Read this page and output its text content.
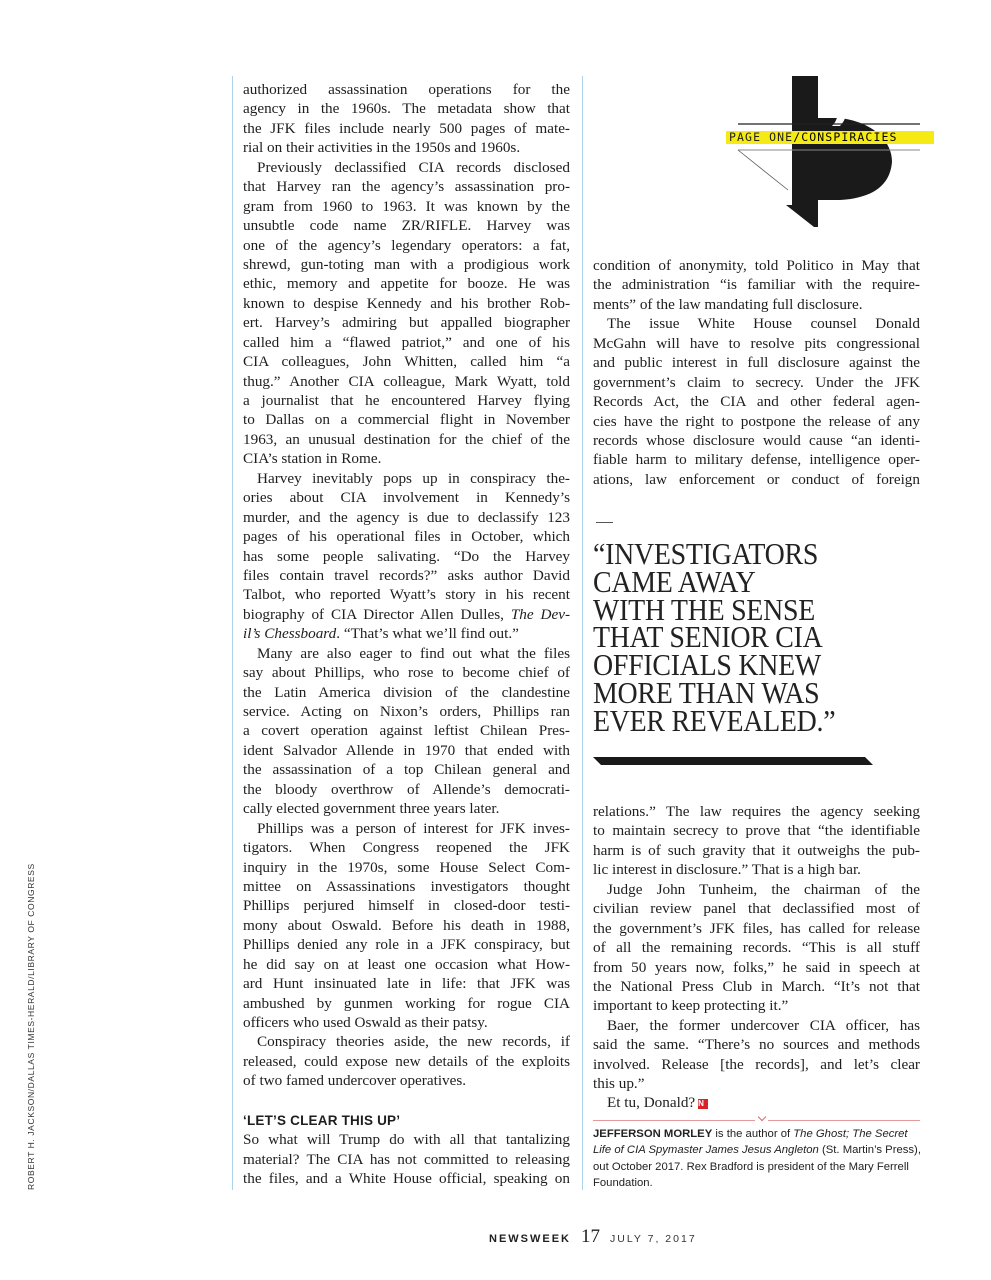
ROBERT H. JACKSON/DALLAS TIMES-HERALD/LIBRARY OF CONGRESS
PAGE ONE/CONSPIRACIES
authorized assassination operations for the
agency in the 1960s. The metadata show that
the JFK files include nearly 500 pages of mate-
rial on their activities in the 1950s and 1960s.
Previously declassified CIA records disclosed
that Harvey ran the agency’s assassination pro-
gram from 1960 to 1963. It was known by the
unsubtle code name ZR/RIFLE. Harvey was
one of the agency’s legendary operators: a fat,
shrewd, gun-toting man with a prodigious work
ethic, memory and appetite for booze. He was
known to despise Kennedy and his brother Rob-
ert. Harvey’s admiring but appalled biographer
called him a “flawed patriot,” and one of his
CIA colleagues, John Whitten, called him “a
thug.” Another CIA colleague, Mark Wyatt, told
a journalist that he encountered Harvey flying
to Dallas on a commercial flight in November
1963, an unusual destination for the chief of the
CIA’s station in Rome.
Harvey inevitably pops up in conspiracy the-
ories about CIA involvement in Kennedy’s
murder, and the agency is due to declassify 123
pages of his operational files in October, which
has some people salivating. “Do the Harvey
files contain travel records?” asks author David
Talbot, who reported Wyatt’s story in his recent
biography of CIA Director Allen Dulles, The Dev-
il’s Chessboard. “That’s what we’ll find out.”
Many are also eager to find out what the files
say about Phillips, who rose to become chief of
the Latin America division of the clandestine
service. Acting on Nixon’s orders, Phillips ran
a covert operation against leftist Chilean Pres-
ident Salvador Allende in 1970 that ended with
the assassination of a top Chilean general and
the bloody overthrow of Allende’s democrati-
cally elected government three years later.
Phillips was a person of interest for JFK inves-
tigators. When Congress reopened the JFK
inquiry in the 1970s, some House Select Com-
mittee on Assassinations investigators thought
Phillips perjured himself in closed-door testi-
mony about Oswald. Before his death in 1988,
Phillips denied any role in a JFK conspiracy, but
he did say on at least one occasion what How-
ard Hunt insinuated late in life: that JFK was
ambushed by gunmen working for rogue CIA
officers who used Oswald as their patsy.
Conspiracy theories aside, the new records, if
released, could expose new details of the exploits
of two famed undercover operatives.
‘LET’S CLEAR THIS UP’
So what will Trump do with all that tantalizing
material? The CIA has not committed to releasing
the files, and a White House official, speaking on
condition of anonymity, told Politico in May that
the administration “is familiar with the require-
ments” of the law mandating full disclosure.
The issue White House counsel Donald
McGahn will have to resolve pits congressional
and public interest in full disclosure against the
government’s claim to secrecy. Under the JFK
Records Act, the CIA and other federal agen-
cies have the right to postpone the release of any
records whose disclosure would cause “an identi-
fiable harm to military defense, intelligence oper-
ations, law enforcement or conduct of foreign
“INVESTIGATORS
CAME AWAY
WITH THE SENSE
THAT SENIOR CIA
OFFICIALS KNEW
MORE THAN WAS
EVER REVEALED.”
relations.” The law requires the agency seeking
to maintain secrecy to prove that “the identifiable
harm is of such gravity that it outweighs the pub-
lic interest in disclosure.” That is a high bar.
Judge John Tunheim, the chairman of the
civilian review panel that declassified most of
the government’s JFK files, has called for release
of all the remaining records. “This is all stuff
from 50 years now, folks,” he said in speech at
the National Press Club in March. “It’s not that
important to keep protecting it.”
Baer, the former undercover CIA officer, has
said the same. “There’s no sources and methods
involved. Release [the records], and let’s clear
this up.”
Et tu, Donald? N
JEFFERSON MORLEY is the author of The Ghost; The Secret Life of CIA Spymaster James Jesus Angleton (St. Martin’s Press), out October 2017. Rex Bradford is president of the Mary Ferrell Foundation.
NEWSWEEK 17 JULY 7, 2017
